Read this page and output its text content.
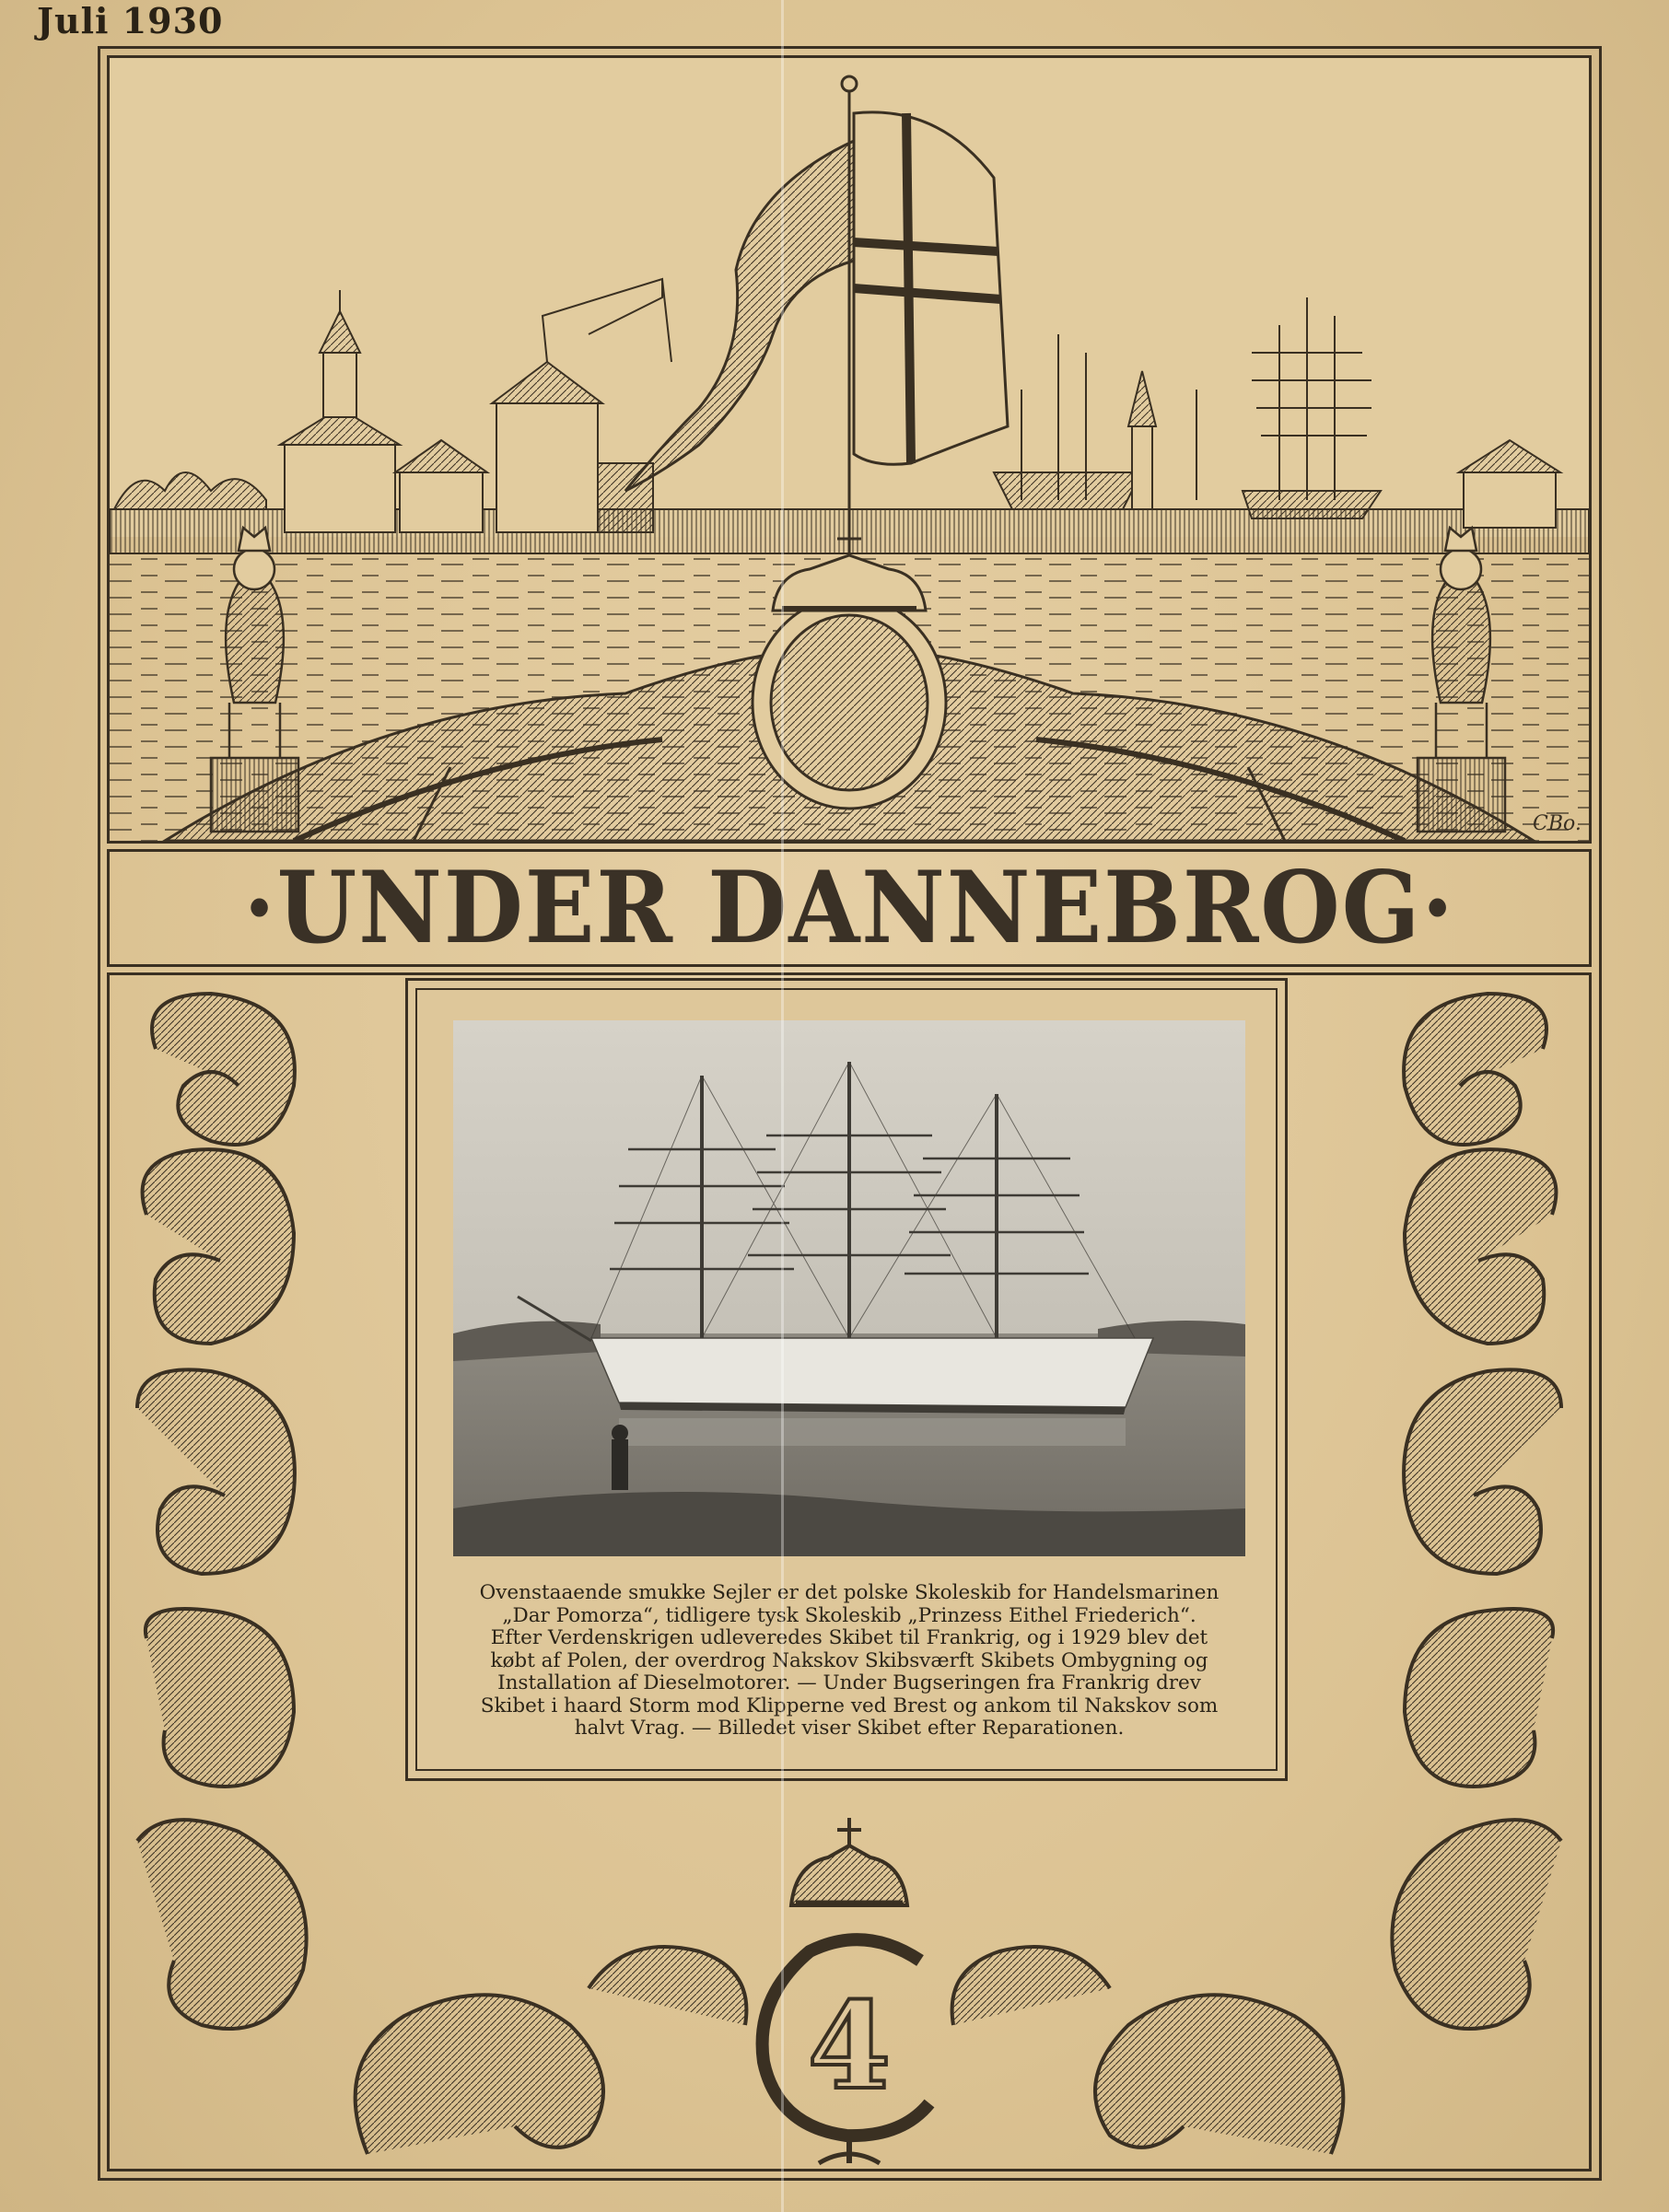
Juli 1930
CBo.
·UNDER DANNEBROG·
4
Ovenstaaende smukke Sejler er det polske Skoleskib for Handelsmarinen
„Dar Pomorza“, tidligere tysk Skoleskib „Prinzess Eithel Friederich“.
Efter Verdenskrigen udleveredes Skibet til Frankrig, og i 1929 blev det
købt af Polen, der overdrog Nakskov Skibsværft Skibets Ombygning og
Installation af Dieselmotorer. — Under Bugseringen fra Frankrig drev
Skibet i haard Storm mod Klipperne ved Brest og ankom til Nakskov som
halvt Vrag. — Billedet viser Skibet efter Reparationen.
